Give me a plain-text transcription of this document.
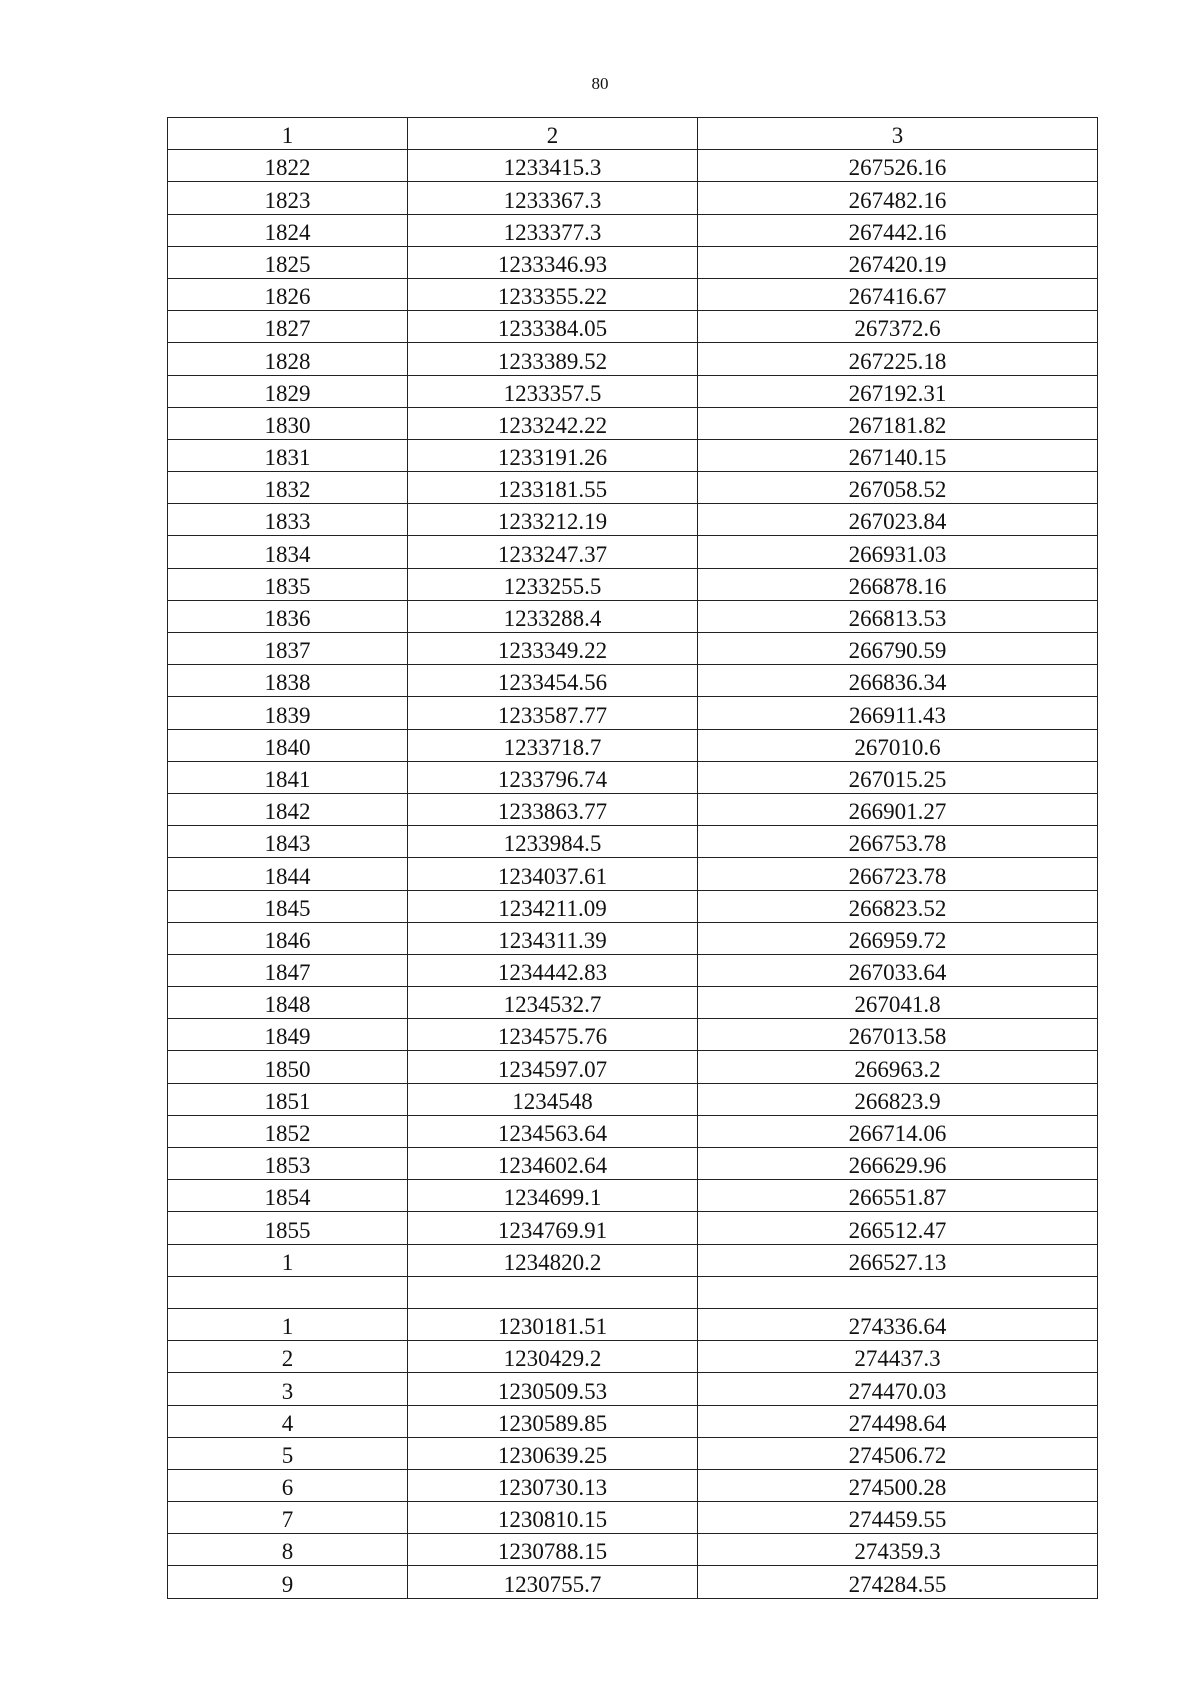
80
1	2	3
1822	1233415.3	267526.16
1823	1233367.3	267482.16
1824	1233377.3	267442.16
1825	1233346.93	267420.19
1826	1233355.22	267416.67
1827	1233384.05	267372.6
1828	1233389.52	267225.18
1829	1233357.5	267192.31
1830	1233242.22	267181.82
1831	1233191.26	267140.15
1832	1233181.55	267058.52
1833	1233212.19	267023.84
1834	1233247.37	266931.03
1835	1233255.5	266878.16
1836	1233288.4	266813.53
1837	1233349.22	266790.59
1838	1233454.56	266836.34
1839	1233587.77	266911.43
1840	1233718.7	267010.6
1841	1233796.74	267015.25
1842	1233863.77	266901.27
1843	1233984.5	266753.78
1844	1234037.61	266723.78
1845	1234211.09	266823.52
1846	1234311.39	266959.72
1847	1234442.83	267033.64
1848	1234532.7	267041.8
1849	1234575.76	267013.58
1850	1234597.07	266963.2
1851	1234548	266823.9
1852	1234563.64	266714.06
1853	1234602.64	266629.96
1854	1234699.1	266551.87
1855	1234769.91	266512.47
1	1234820.2	266527.13

1	1230181.51	274336.64
2	1230429.2	274437.3
3	1230509.53	274470.03
4	1230589.85	274498.64
5	1230639.25	274506.72
6	1230730.13	274500.28
7	1230810.15	274459.55
8	1230788.15	274359.3
9	1230755.7	274284.55
